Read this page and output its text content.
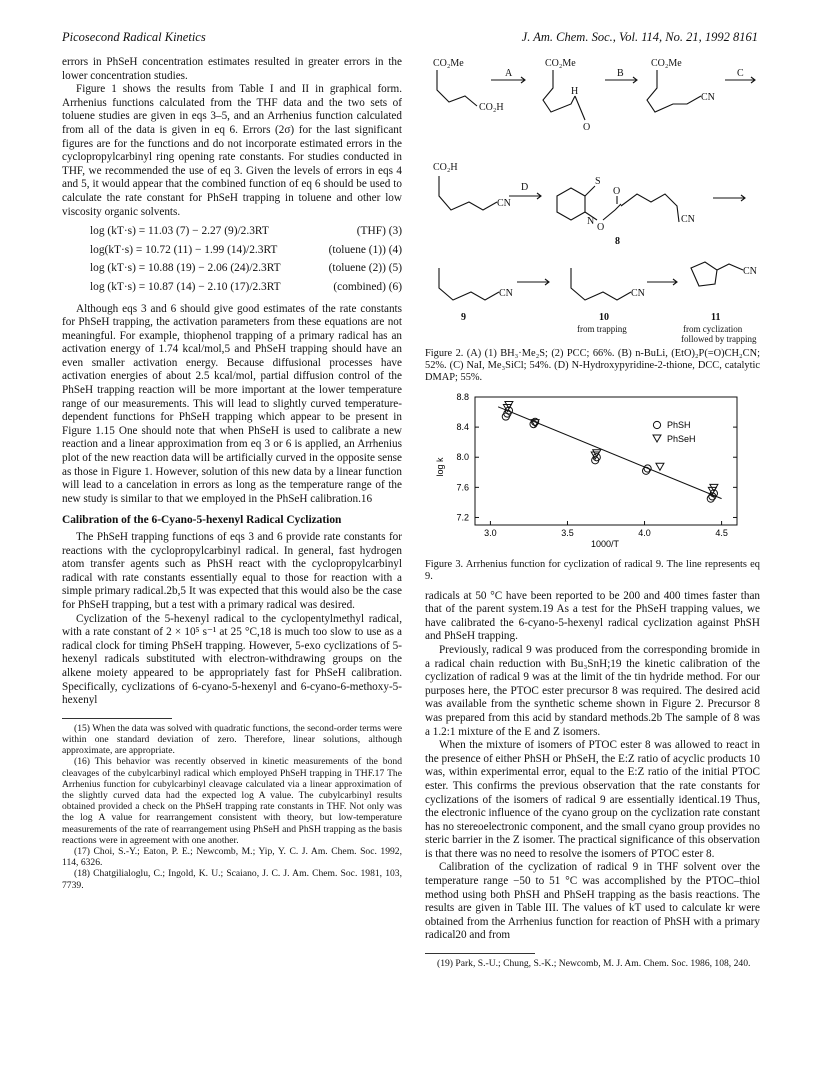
Picosecond Radical Kinetics	J. Am. Chem. Soc., Vol. 114, No. 21, 1992 8161

errors in PhSeH concentration estimates resulted in greater errors in the lower concentration studies.

Figure 1 shows the results from Table I and II in graphical form. Arrhenius functions calculated from the THF data and the two sets of toluene studies are given in eqs 3–5, and an Arrhenius function calculated from all of the data is given in eq 6. Errors (2σ) for the last significant figures are for the functions and do not incorporate estimated errors in the cyclopropylcarbinyl ring opening rate constants. For studies conducted in THF, we recommended the use of eq 3. Given the levels of errors in eqs 4 and 5, it would appear that the combined function of eq 6 should be used to calculate the rate constant for PhSeH trapping in toluene and other low viscosity organic solvents.

log (kT·s) = 11.03 (7) − 2.27 (9)/2.3RT	(THF) (3)
log(kT·s) = 10.72 (11) − 1.99 (14)/2.3RT	(toluene (1)) (4)
log (kT·s) = 10.88 (19) − 2.06 (24)/2.3RT	(toluene (2)) (5)
log (kT·s) = 10.87 (14) − 2.10 (17)/2.3RT	(combined) (6)

Although eqs 3 and 6 should give good estimates of the rate constants for PhSeH trapping, the activation parameters from these equations are not meaningful. For example, thiophenol trapping of a primary radical has an activation energy of 1.74 kcal/mol,5 and PhSeH trapping should have an even smaller activation energy. Because diffusional processes have activation energies of about 2.5 kcal/mol, partial diffusion control of the PhSeH trapping reaction will be more important at the lower temperature range of our measurements. This will lead to slightly curved temperature-dependent functions for PhSeH trapping which appear to be present in Figure 1.15 One should note that when PhSeH is used to calibrate a new reaction and a linear approximation from eq 3 or 6 is applied, an Arrhenius plot of the new reaction data will be artificially curved in the opposite sense as those in Figure 1. However, solution of this new data by a linear function will lead to a cancelation in errors as long as the temperature range of the new study is similar to that we employed in the PhSeH calibration.16

Calibration of the 6-Cyano-5-hexenyl Radical Cyclization

The PhSeH trapping functions of eqs 3 and 6 provide rate constants for reactions with the cyclopropylcarbinyl radical. In general, fast hydrogen atom transfer agents such as PhSH react with the cyclopropylcarbinyl radical with rate constants essentially equal to those for reaction with a simple primary radical.2b,5 It was expected that this would also be the case for PhSeH trapping, but a test with a primary radical was desired.

Cyclization of the 5-hexenyl radical to the cyclopentylmethyl radical, with a rate constant of 2 × 10⁵ s⁻¹ at 25 °C,18 is much too slow to use as a radical clock for timing PhSeH trapping. However, 5-exo cyclizations of 5-hexenyl radicals substituted with electron-withdrawing groups on the alkene moiety appeared to be appropriately fast for PhSeH calibration. Specifically, cyclizations of 6-cyano-5-hexenyl and 6-cyano-6-methoxy-5-hexenyl

(15) When the data was solved with quadratic functions, the second-order terms were within one standard deviation of zero. Therefore, linear solutions, although approximate, are appropriate.

(16) This behavior was recently observed in kinetic measurements of the bond cleavages of the cubylcarbinyl radical which employed PhSeH trapping in THF.17 The Arrhenius function for cubylcarbinyl cleavage calculated via a linear approximation of the slightly curved data had the expected log A value. The cubylcarbinyl results obtained provided a check on the PhSeH trapping rate constants in THF. Not only was the log A value for rearrangement consistent with theory, but low-temperature measurements of the rate of rearrangement using PhSeH and PhSH trapping as the basis reactions were in agreement with one another.

(17) Choi, S.-Y.; Eaton, P. E.; Newcomb, M.; Yip, Y. C. J. Am. Chem. Soc. 1992, 114, 6326.

(18) Chatgilialoglu, C.; Ingold, K. U.; Scaiano, J. C. J. Am. Chem. Soc. 1981, 103, 7739.

CO₂Me
CO₂H
CO₂Me
H
O
CO₂Me
CN
A	B	C
CO₂H
CN
D
S
N
O
O
CN
8
CN	CN
CN
9	10	11
from trapping	from cyclization
followed by trapping
Figure 2. (A) (1) BH₃·Me₂S; (2) PCC; 66%. (B) n-BuLi, (EtO)₂P(=O)CH₂CN; 52%. (C) NaI, Me₃SiCl; 54%. (D) N-Hydroxypyridine-2-thione, DCC, catalytic DMAP; 55%.
log k
1000/T
3.0	3.5	4.0	4.5
7.2
7.6
8.0
8.4
8.8
PhSH
PhSeH
Figure 3. Arrhenius function for cyclization of radical 9. The line represents eq 9.

radicals at 50 °C have been reported to be 200 and 400 times faster than that of the parent system.19 As a test for the PhSeH trapping values, we have calibrated the 6-cyano-5-hexenyl radical cyclization against PhSH and PhSeH trapping.

Previously, radical 9 was produced from the corresponding bromide in a radical chain reduction with Bu₃SnH;19 the kinetic calibration of the cyclization of radical 9 was at the limit of the tin hydride method. For our purposes here, the PTOC ester precursor 8 was required. The desired acid was available from the synthetic scheme shown in Figure 2. Precursor 8 was prepared from this acid by standard methods.2b The sample of 8 was a 1.2:1 mixture of the E and Z isomers.

When the mixture of isomers of PTOC ester 8 was allowed to react in the presence of either PhSH or PhSeH, the E:Z ratio of acyclic products 10 was, within experimental error, equal to the E:Z ratio of the initial PTOC ester. This confirms the previous observation that the rate constants for cyclizations of the isomers of radical 9 are essentially identical.19 Thus, the electronic influence of the cyano group on the cyclization rate constant has no stereoelectronic component, and the small cyano group provides no steric barrier in the Z isomer. The practical significance of this observation is that there was no need to resolve the isomers of PTOC ester 8.

Calibration of the cyclization of radical 9 in THF solvent over the temperature range −50 to 51 °C was accomplished by the PTOC–thiol method using both PhSH and PhSeH trapping as the basis reactions. The results are given in Table III. The values of kT used to calculate kr were obtained from the Arrhenius function for reaction of PhSH with a primary radical20 and from

(19) Park, S.-U.; Chung, S.-K.; Newcomb, M. J. Am. Chem. Soc. 1986, 108, 240.
